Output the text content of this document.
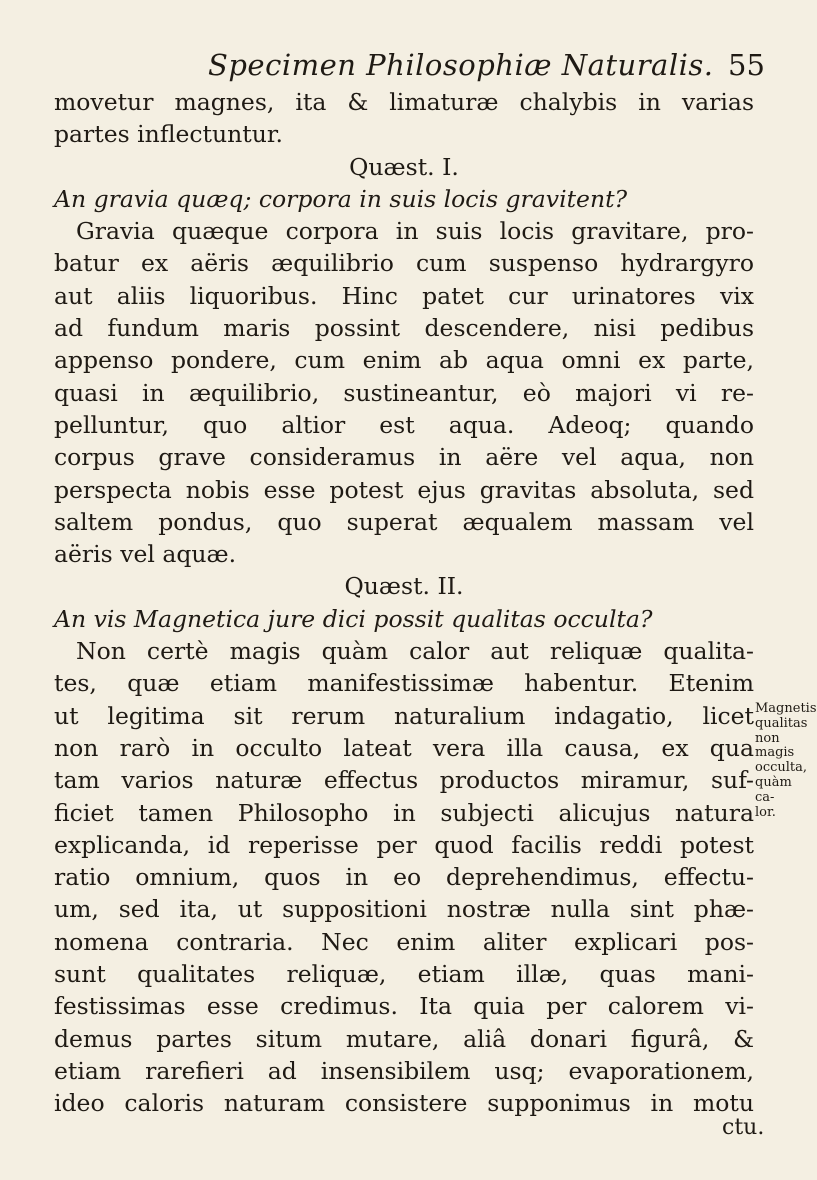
Specimen Philosophiæ Naturalis. 55
movetur magnes, ita & limaturæ chalybis in varias
partes inflectuntur.
Quæst. I.
An gravia quæq; corpora in suis locis gravitent?
Gravia quæque corpora in suis locis gravitare, pro-
batur ex aëris æquilibrio cum suspenso hydrargyro
aut aliis liquoribus. Hinc patet cur urinatores vix
ad fundum maris possint descendere, nisi pedibus
appenso pondere, cum enim ab aqua omni ex parte,
quasi in æquilibrio, sustineantur, eò majori vi re-
pelluntur, quo altior est aqua. Adeoq; quando
corpus grave consideramus in aëre vel aqua, non
perspecta nobis esse potest ejus gravitas absoluta, sed
saltem pondus, quo superat æqualem massam vel
aëris vel aquæ.
Quæst. II.
An vis Magnetica jure dici possit qualitas occulta?
Non certè magis quàm calor aut reliquæ qualita-
tes, quæ etiam manifestissimæ habentur. Etenim
ut legitima sit rerum naturalium indagatio, licet
non rarò in occulto lateat vera illa causa, ex qua
tam varios naturæ effectus productos miramur, suf-
ficiet tamen Philosopho in subjecti alicujus natura
explicanda, id reperisse per quod facilis reddi potest
ratio omnium, quos in eo deprehendimus, effectu-
um, sed ita, ut suppositioni nostræ nulla sint phæ-
nomena contraria. Nec enim aliter explicari pos-
sunt qualitates reliquæ, etiam illæ, quas mani-
festissimas esse credimus. Ita quia per calorem vi-
demus partes situm mutare, aliâ donari figurâ, &
etiam rarefieri ad insensibilem usq; evaporationem,
ideo caloris naturam consistere supponimus in motu
Magnetis
qualitas
non magis
occulta,
quàm ca-
lor.
ctu.
